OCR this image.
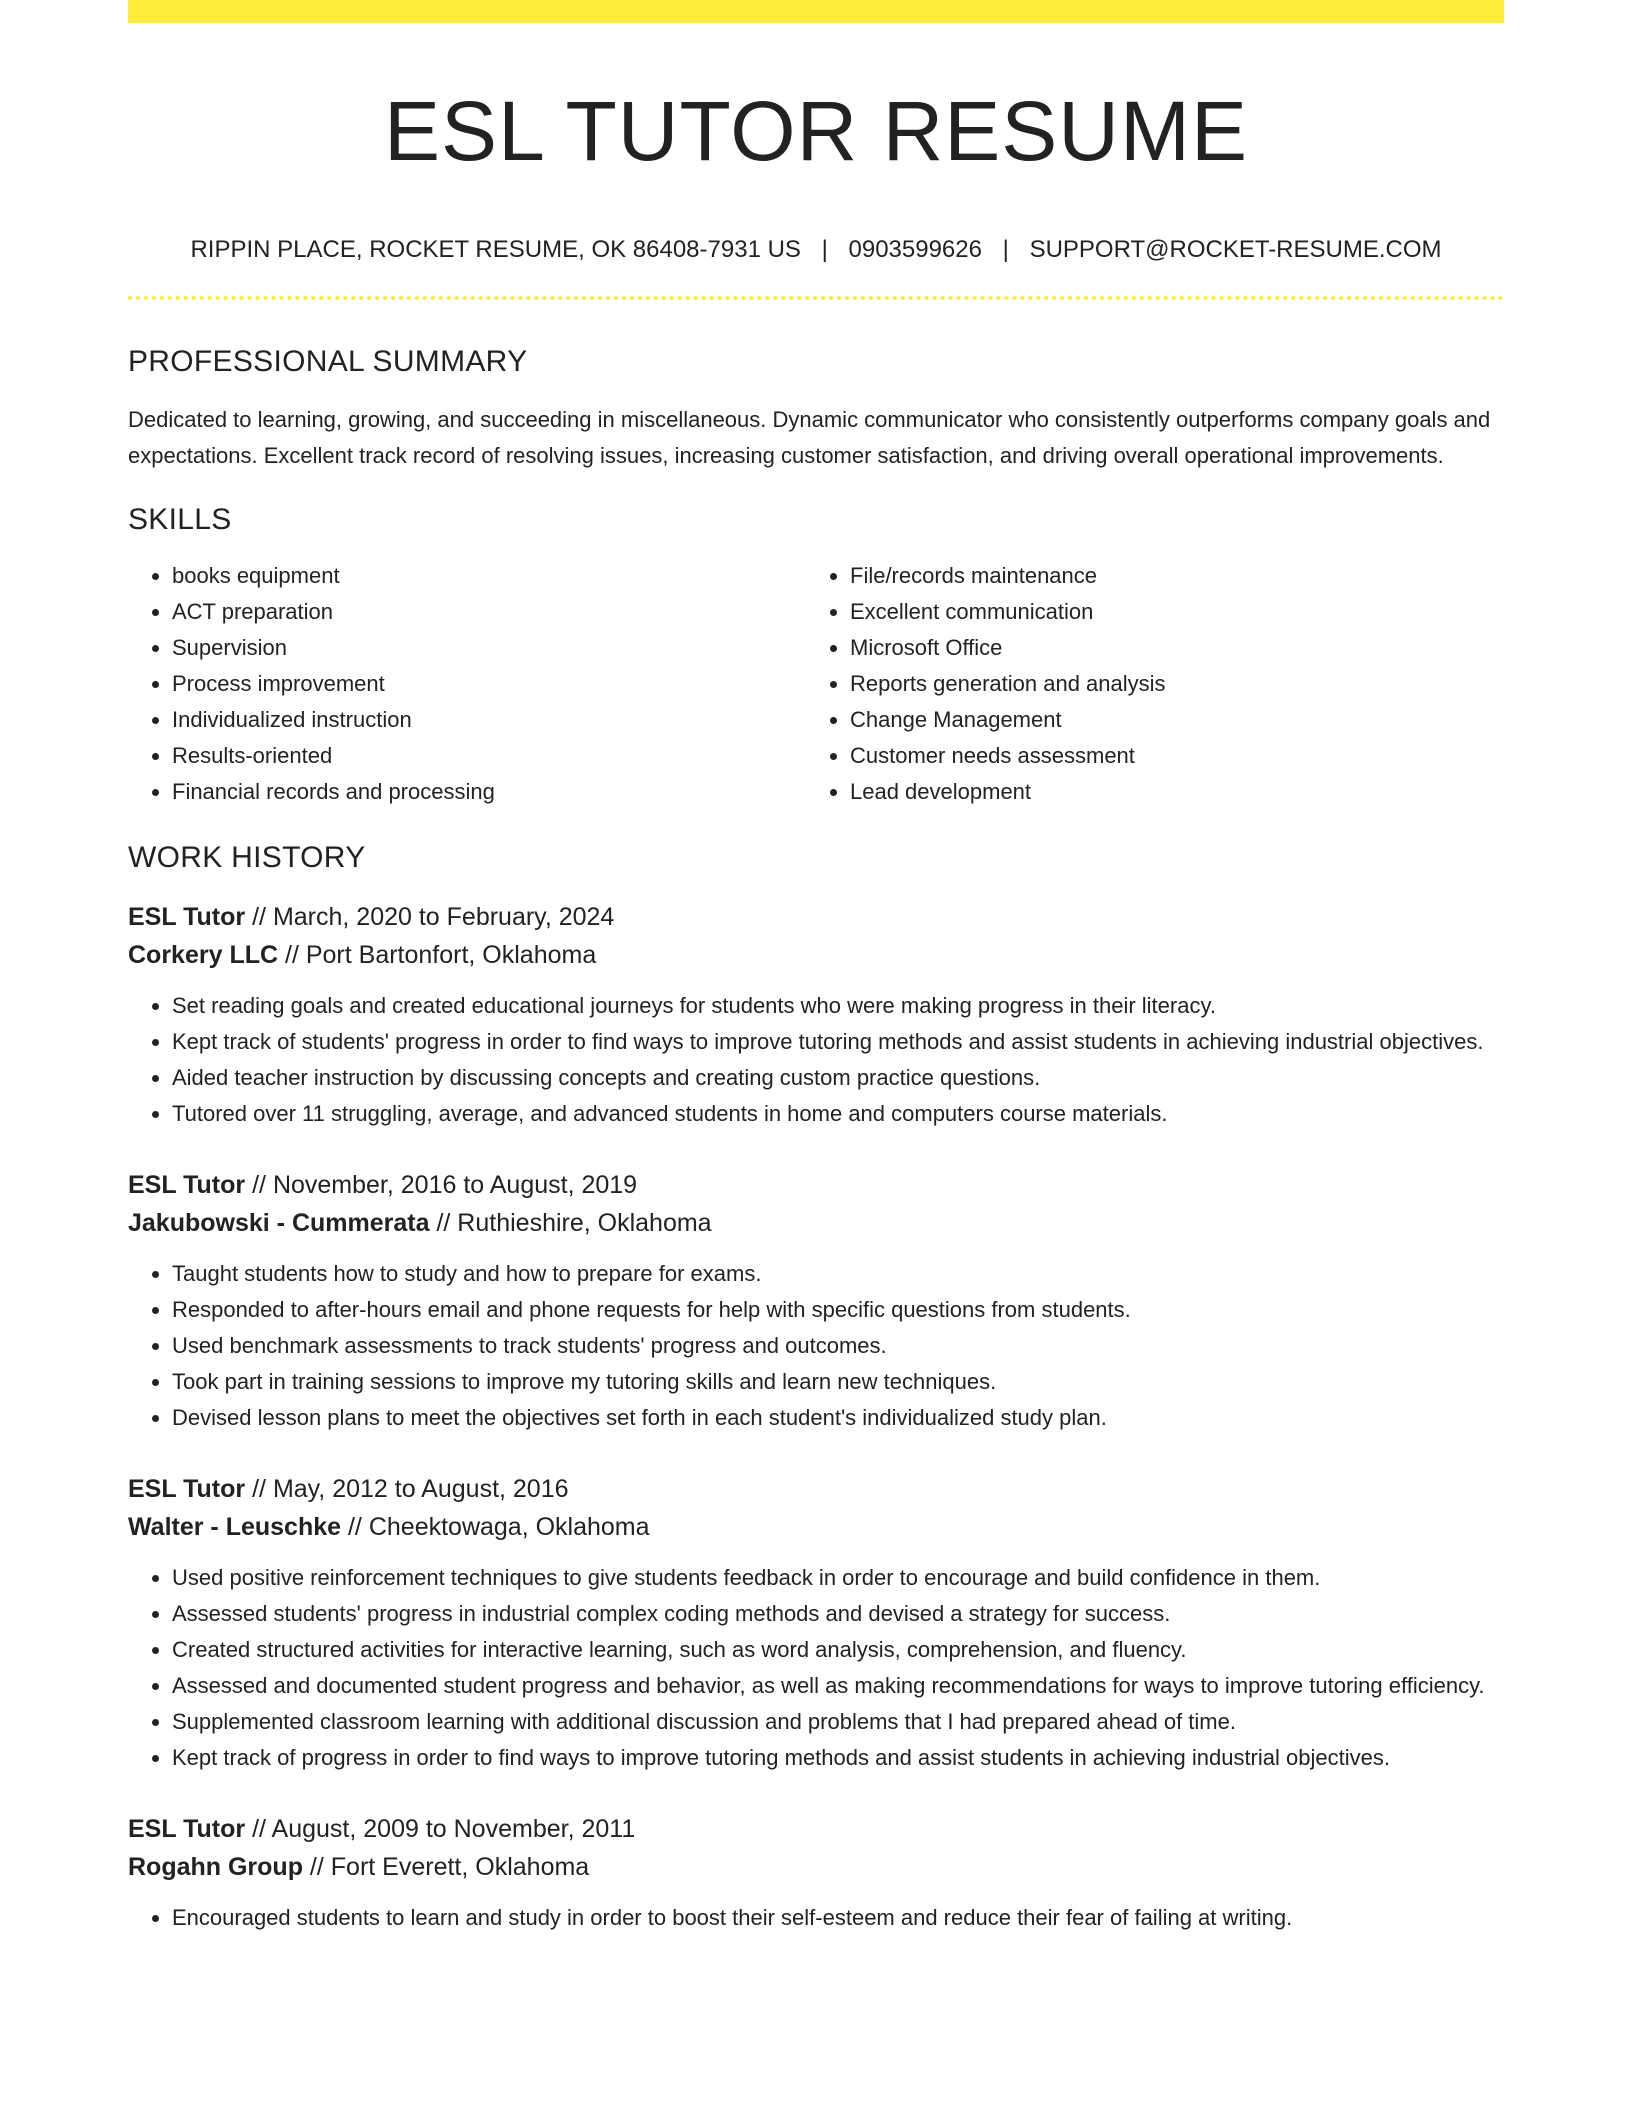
ESL TUTOR RESUME
RIPPIN PLACE, ROCKET RESUME, OK 86408-7931 US | 0903599626 | SUPPORT@ROCKET-RESUME.COM
PROFESSIONAL SUMMARY

Dedicated to learning, growing, and succeeding in miscellaneous. Dynamic communicator who consistently outperforms company goals and expectations. Excellent track record of resolving issues, increasing customer satisfaction, and driving overall operational improvements.

SKILLS
• books equipment
• ACT preparation
• Supervision
• Process improvement
• Individualized instruction
• Results-oriented
• Financial records and processing
• File/records maintenance
• Excellent communication
• Microsoft Office
• Reports generation and analysis
• Change Management
• Customer needs assessment
• Lead development
WORK HISTORY
ESL Tutor // March, 2020 to February, 2024
Corkery LLC // Port Bartonfort, Oklahoma
• Set reading goals and created educational journeys for students who were making progress in their literacy.
• Kept track of students' progress in order to find ways to improve tutoring methods and assist students in achieving industrial objectives.
• Aided teacher instruction by discussing concepts and creating custom practice questions.
• Tutored over 11 struggling, average, and advanced students in home and computers course materials.
ESL Tutor // November, 2016 to August, 2019
Jakubowski - Cummerata // Ruthieshire, Oklahoma
• Taught students how to study and how to prepare for exams.
• Responded to after-hours email and phone requests for help with specific questions from students.
• Used benchmark assessments to track students' progress and outcomes.
• Took part in training sessions to improve my tutoring skills and learn new techniques.
• Devised lesson plans to meet the objectives set forth in each student's individualized study plan.
ESL Tutor // May, 2012 to August, 2016
Walter - Leuschke // Cheektowaga, Oklahoma
• Used positive reinforcement techniques to give students feedback in order to encourage and build confidence in them.
• Assessed students' progress in industrial complex coding methods and devised a strategy for success.
• Created structured activities for interactive learning, such as word analysis, comprehension, and fluency.
• Assessed and documented student progress and behavior, as well as making recommendations for ways to improve tutoring efficiency.
• Supplemented classroom learning with additional discussion and problems that I had prepared ahead of time.
• Kept track of progress in order to find ways to improve tutoring methods and assist students in achieving industrial objectives.
ESL Tutor // August, 2009 to November, 2011
Rogahn Group // Fort Everett, Oklahoma
• Encouraged students to learn and study in order to boost their self-esteem and reduce their fear of failing at writing.
